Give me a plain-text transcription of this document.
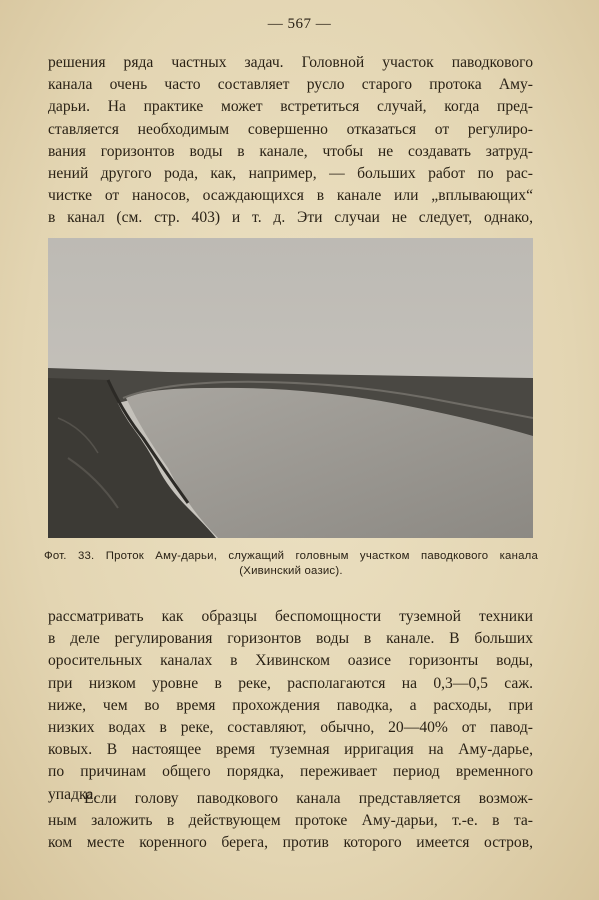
— 567 —
решения ряда частных задач. Головной участок паводкового
канала очень часто составляет русло старого протока Аму-
дарьи. На практике может встретиться случай, когда пред-
ставляется необходимым совершенно отказаться от регулиро-
вания горизонтов воды в канале, чтобы не создавать затруд-
нений другого рода, как, например, — больших работ по рас-
чистке от наносов, осаждающихся в канале или „вплывающих“
в канал (см. стр. 403) и т. д. Эти случаи не следует, однако,
Фот. 33. Проток Аму-дарьи, служащий головным участком паводкового канала
(Хивинский оазис).
рассматривать как образцы беспомощности туземной техники
в деле регулирования горизонтов воды в канале. В больших
оросительных каналах в Хивинском оазисе горизонты воды,
при низком уровне в реке, располагаются на 0,3—0,5 саж.
ниже, чем во время прохождения паводка, а расходы, при
низких водах в реке, составляют, обычно, 20—40% от павод-
ковых. В настоящее время туземная ирригация на Аму-дарье,
по причинам общего порядка, переживает период временного
упадка.
Если голову паводкового канала представляется возмож-
ным заложить в действующем протоке Аму-дарьи, т.-е. в та-
ком месте коренного берега, против которого имеется остров,
